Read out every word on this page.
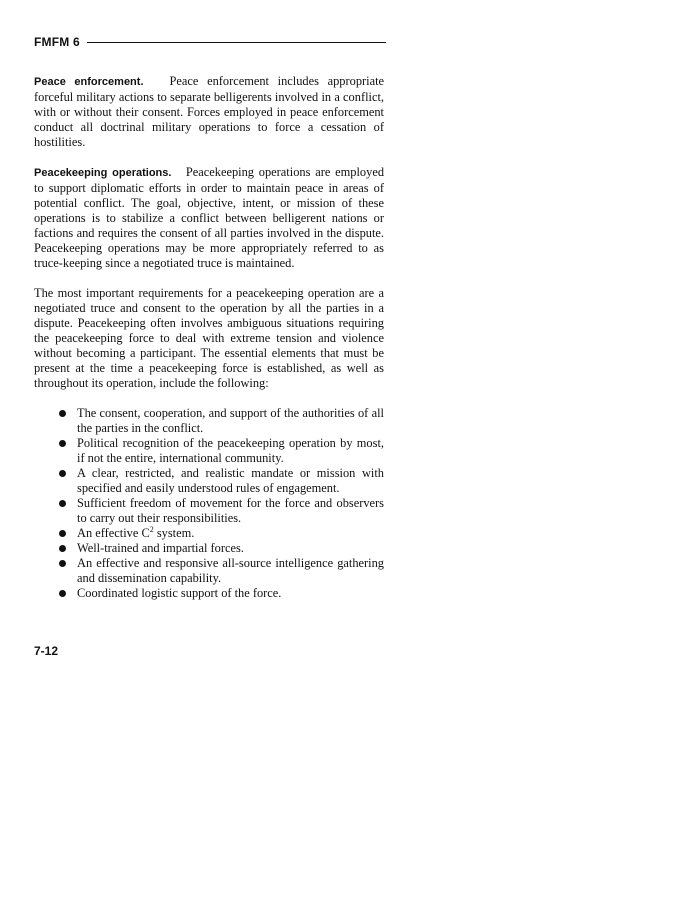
FMFM 6

Peace enforcement. Peace enforcement includes appropriate forceful military actions to separate belligerents involved in a conflict, with or without their consent. Forces employed in peace enforcement conduct all doctrinal military operations to force a cessation of hostilities.

Peacekeeping operations. Peacekeeping operations are employed to support diplomatic efforts in order to maintain peace in areas of potential conflict. The goal, objective, intent, or mission of these operations is to stabilize a conflict between belligerent nations or factions and requires the consent of all parties involved in the dispute. Peacekeeping operations may be more appropriately referred to as truce-keeping since a negotiated truce is maintained.

The most important requirements for a peacekeeping operation are a negotiated truce and consent to the operation by all the parties in a dispute. Peacekeeping often involves ambiguous situations requiring the peacekeeping force to deal with extreme tension and violence without becoming a participant. The essential elements that must be present at the time a peacekeeping force is established, as well as throughout its operation, include the following:

The consent, cooperation, and support of the authorities of all the parties in the conflict.
Political recognition of the peacekeeping operation by most, if not the entire, international community.
A clear, restricted, and realistic mandate or mission with specified and easily understood rules of engagement.
Sufficient freedom of movement for the force and observers to carry out their responsibilities.
An effective $C^2$ system.
Well-trained and impartial forces.
An effective and responsive all-source intelligence gathering and dissemination capability.
Coordinated logistic support of the force.
7-12
